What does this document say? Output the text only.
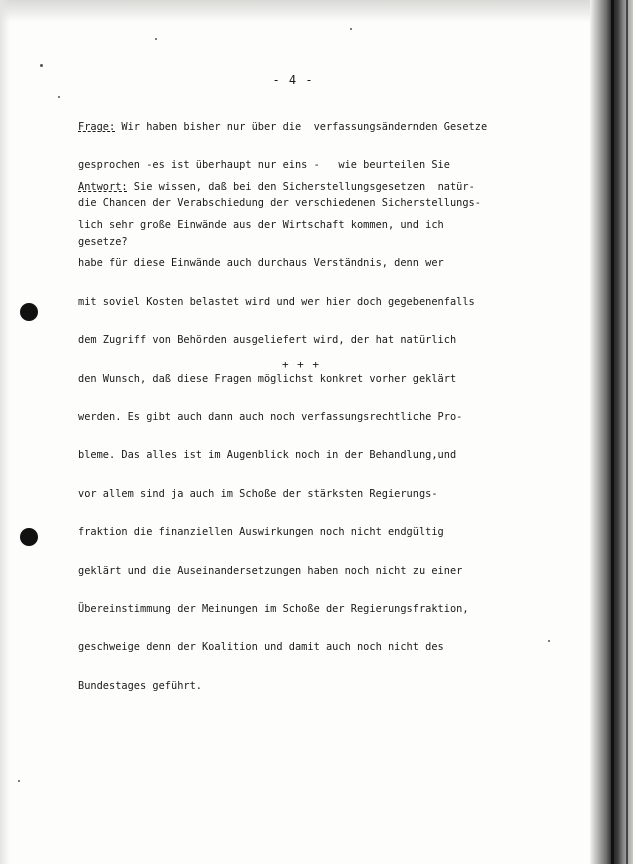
- 4 -

Frage: Wir haben bisher nur über die  verfassungsändernden Gesetze

gesprochen -es ist überhaupt nur eins -   wie beurteilen Sie

die Chancen der Verabschiedung der verschiedenen Sicherstellungs-

gesetze?

Antwort: Sie wissen, daß bei den Sicherstellungsgesetzen  natür-

lich sehr große Einwände aus der Wirtschaft kommen, und ich

habe für diese Einwände auch durchaus Verständnis, denn wer

mit soviel Kosten belastet wird und wer hier doch gegebenenfalls

dem Zugriff von Behörden ausgeliefert wird, der hat natürlich

den Wunsch, daß diese Fragen möglichst konkret vorher geklärt

werden. Es gibt auch dann auch noch verfassungsrechtliche Pro-

bleme. Das alles ist im Augenblick noch in der Behandlung,und

vor allem sind ja auch im Schoße der stärksten Regierungs-

fraktion die finanziellen Auswirkungen noch nicht endgültig

geklärt und die Auseinandersetzungen haben noch nicht zu einer

Übereinstimmung der Meinungen im Schoße der Regierungsfraktion,

geschweige denn der Koalition und damit auch noch nicht des

Bundestages geführt.

+ + +
